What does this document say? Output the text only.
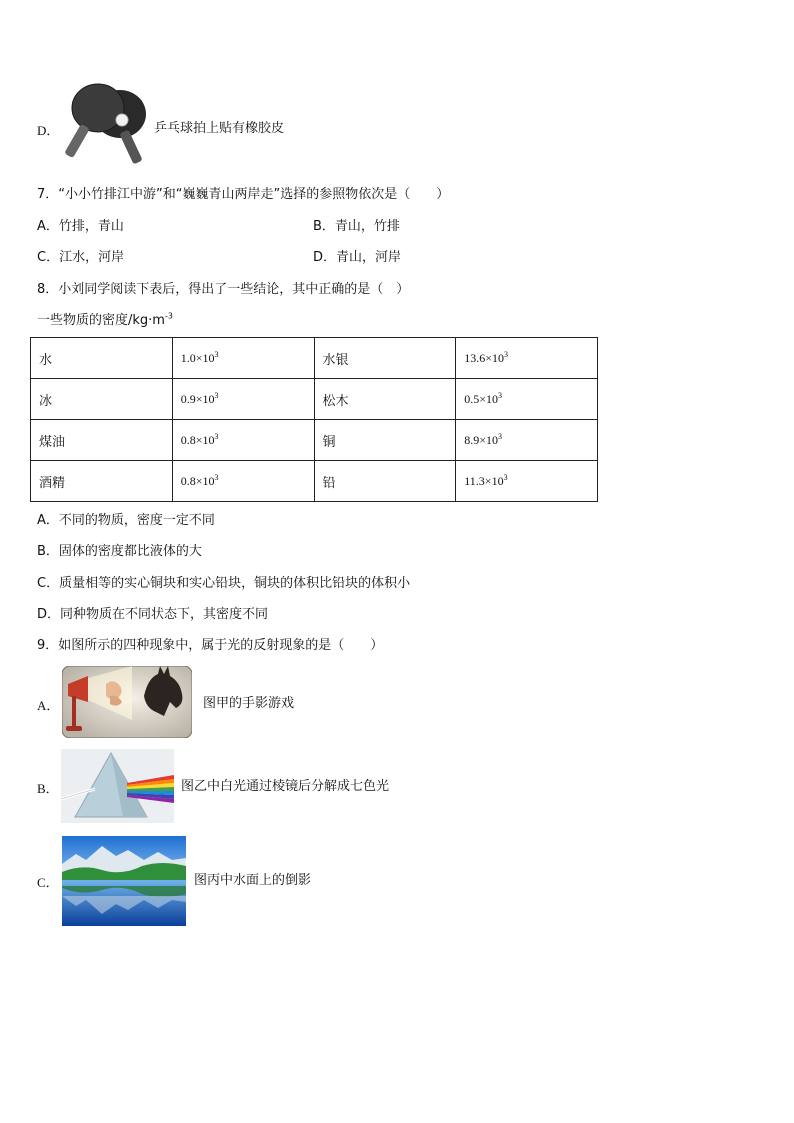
D．	乒乓球拍上贴有橡胶皮
7．“小小竹排江中游”和“巍巍青山两岸走”选择的参照物依次是（　　）
A．竹排，青山	B．青山，竹排
C．江水，河岸	D．青山，河岸
8．小刘同学阅读下表后，得出了一些结论，其中正确的是（　）
一些物质的密度$/kg\cdot m^{-3}$
水	$1.0\times 10^3$	水银	$13.6\times 10^3$
冰	$0.9\times 10^3$	松木	$0.5\times 10^3$
煤油	$0.8\times 10^3$	铜	$8.9\times 10^3$
酒精	$0.8\times 10^3$	铅	$11.3\times 10^3$
A．不同的物质，密度一定不同
B．固体的密度都比液体的大
C．质量相等的实心铜块和实心铅块，铜块的体积比铅块的体积小
D．同种物质在不同状态下，其密度不同
9．如图所示的四种现象中，属于光的反射现象的是（　　）
A．	图甲的手影游戏
B．	图乙中白光通过棱镜后分解成七色光
C．	图丙中水面上的倒影
